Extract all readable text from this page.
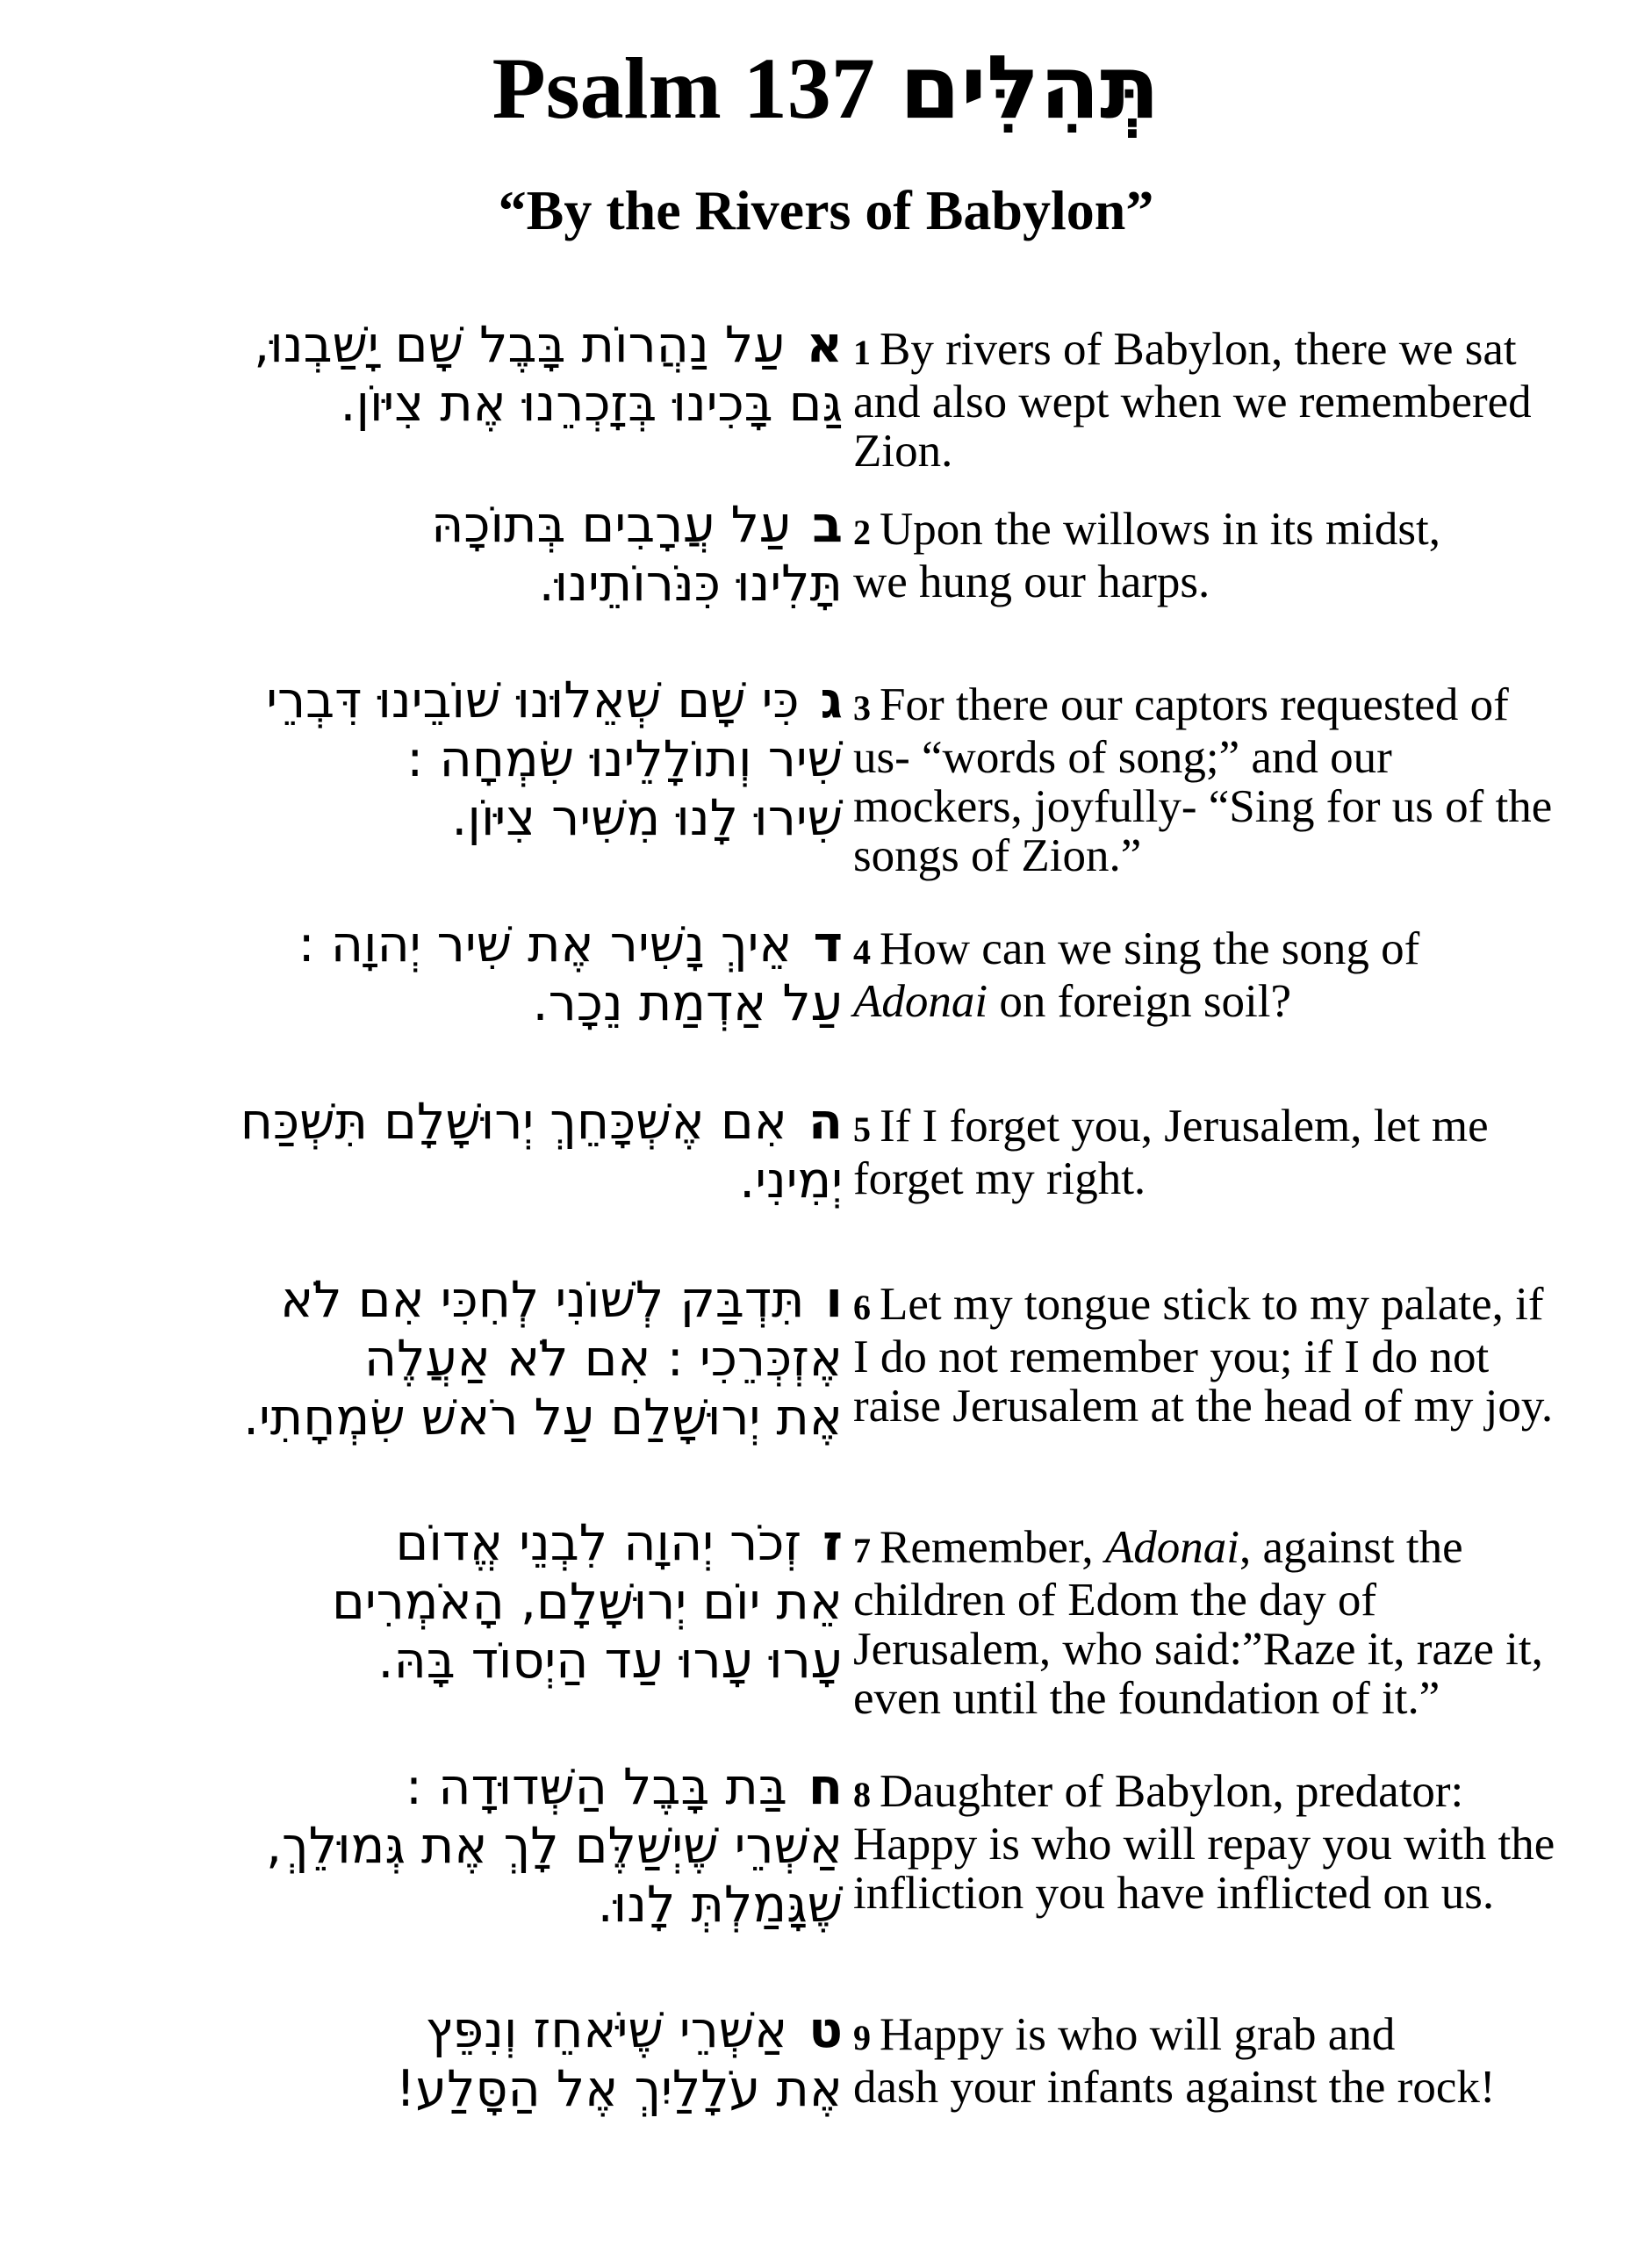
Psalm 137 תְּהִלִּים
“By the Rivers of Babylon”
אעַל נַהֲרוֹת בָּבֶל שָׁם יָשַׁבְנוּ,
גַּם בָּכִינוּ בְּזָכְרֵנוּ אֶת צִיּוֹן.
1 By rivers of Babylon, there we sat
and also wept when we remembered
Zion.
בעַל עֲרָבִים בְּתוֹכָהּ
תָּלִינוּ כִּנֹּרוֹתֵינוּ.
2 Upon the willows in its midst,
we hung our harps.
גכִּי שָׁם שְׁאֵלוּנוּ שׁוֹבֵינוּ דִּבְרֵי
שִׁיר וְתוֹלָלֵינוּ שִׂמְחָה :
שִׁירוּ לָנוּ מִשִּׁיר צִיּוֹן.
3 For there our captors requested of
us- “words of song;” and our
mockers, joyfully- “Sing for us of the
songs of Zion.”
דאֵיךְ נָשִׁיר אֶת שִׁיר יְהוָה :
עַל אַדְמַת נֵכָר.
4 How can we sing the song of
Adonai on foreign soil?
האִם אֶשְׁכָּחֵךְ יְרוּשָׁלִָם תִּשְׁכַּח
יְמִינִי.
5 If I forget you, Jerusalem, let me
forget my right.
ותִּדְבַּק לְשׁוֹנִי לְחִכִּי אִם לֹא
אֶזְכְּרֵכִי : אִם לֹא אַעֲלֶה
אֶת יְרוּשָׁלִַם עַל רֹאשׁ שִׂמְחָתִי.
6 Let my tongue stick to my palate, if
I do not remember you; if I do not
raise Jerusalem at the head of my joy.
זזְכֹר יְהוָה לִבְנֵי אֱדוֹם
אֵת יוֹם יְרוּשָׁלִָם, הָאֹמְרִים
עָרוּ עָרוּ עַד הַיְסוֹד בָּהּ.
7 Remember, Adonai, against the
children of Edom the day of
Jerusalem, who said:”Raze it, raze it,
even until the foundation of it.”
חבַּת בָּבֶל הַשְּׁדוּדָה :
אַשְׁרֵי שֶׁיְשַׁלֶּם לָךְ אֶת גְּמוּלֵךְ,
שֶׁגָּמַלְתְּ לָנוּ.
8 Daughter of Babylon, predator:
Happy is who will repay you with the
infliction you have inflicted on us.
טאַשְׁרֵי שֶׁיֹּאחֵז וְנִפֵּץ
אֶת עֹלָלַיִךְ אֶל הַסָּלַע!
9 Happy is who will grab and
dash your infants against the rock!
